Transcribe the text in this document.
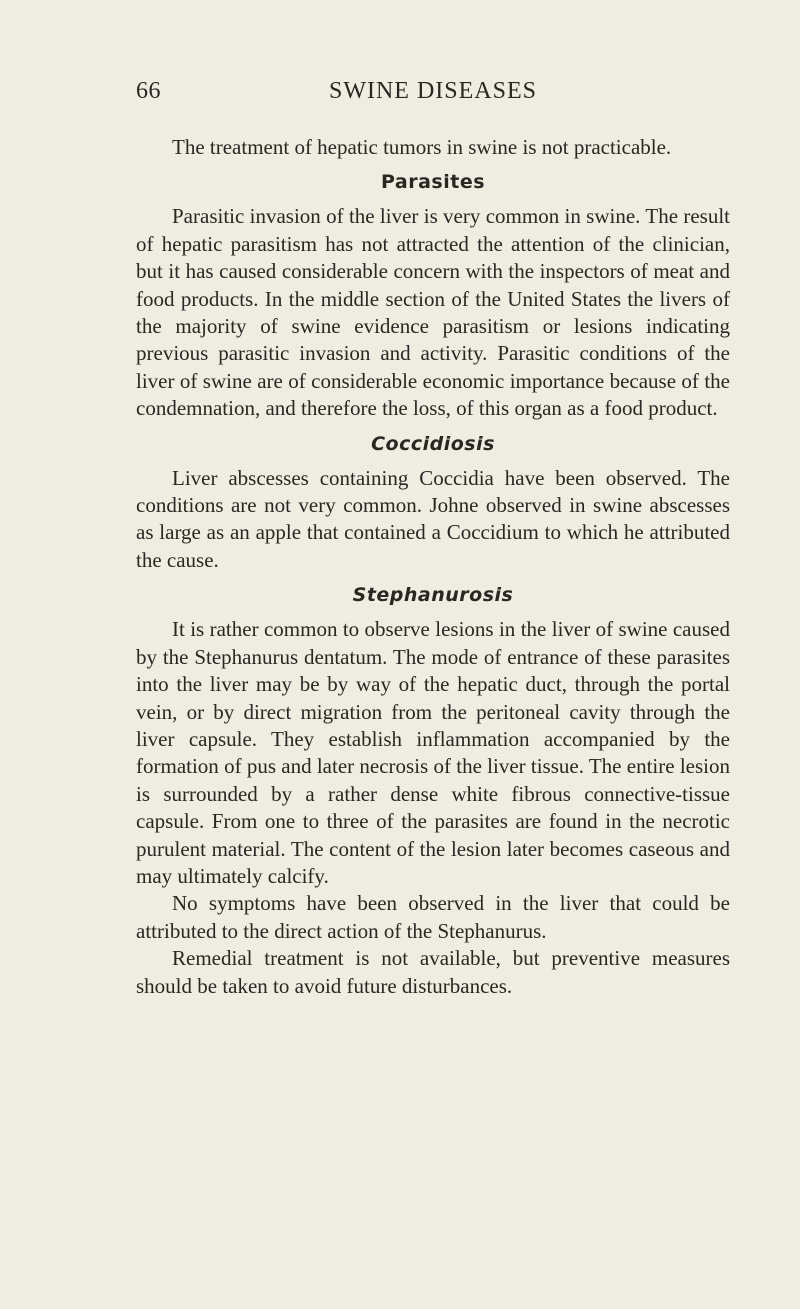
66	SWINE DISEASES

The treatment of hepatic tumors in swine is not practicable.

Parasites

Parasitic invasion of the liver is very common in swine. The result of hepatic parasitism has not attracted the attention of the clinician, but it has caused considerable concern with the inspectors of meat and food products. In the middle section of the United States the livers of the majority of swine evidence parasitism or lesions indicating previous parasitic invasion and activity. Parasitic conditions of the liver of swine are of considerable economic importance because of the condemnation, and therefore the loss, of this organ as a food product.

Coccidiosis

Liver abscesses containing Coccidia have been observed. The conditions are not very common. Johne observed in swine abscesses as large as an apple that contained a Coccidium to which he attributed the cause.

Stephanurosis

It is rather common to observe lesions in the liver of swine caused by the Stephanurus dentatum. The mode of entrance of these parasites into the liver may be by way of the hepatic duct, through the portal vein, or by direct migration from the peritoneal cavity through the liver capsule. They establish inflammation accompanied by the formation of pus and later necrosis of the liver tissue. The entire lesion is surrounded by a rather dense white fibrous connective-tissue capsule. From one to three of the parasites are found in the necrotic purulent material. The content of the lesion later becomes caseous and may ultimately calcify.

No symptoms have been observed in the liver that could be attributed to the direct action of the Stephanurus.

Remedial treatment is not available, but preventive measures should be taken to avoid future disturbances.
